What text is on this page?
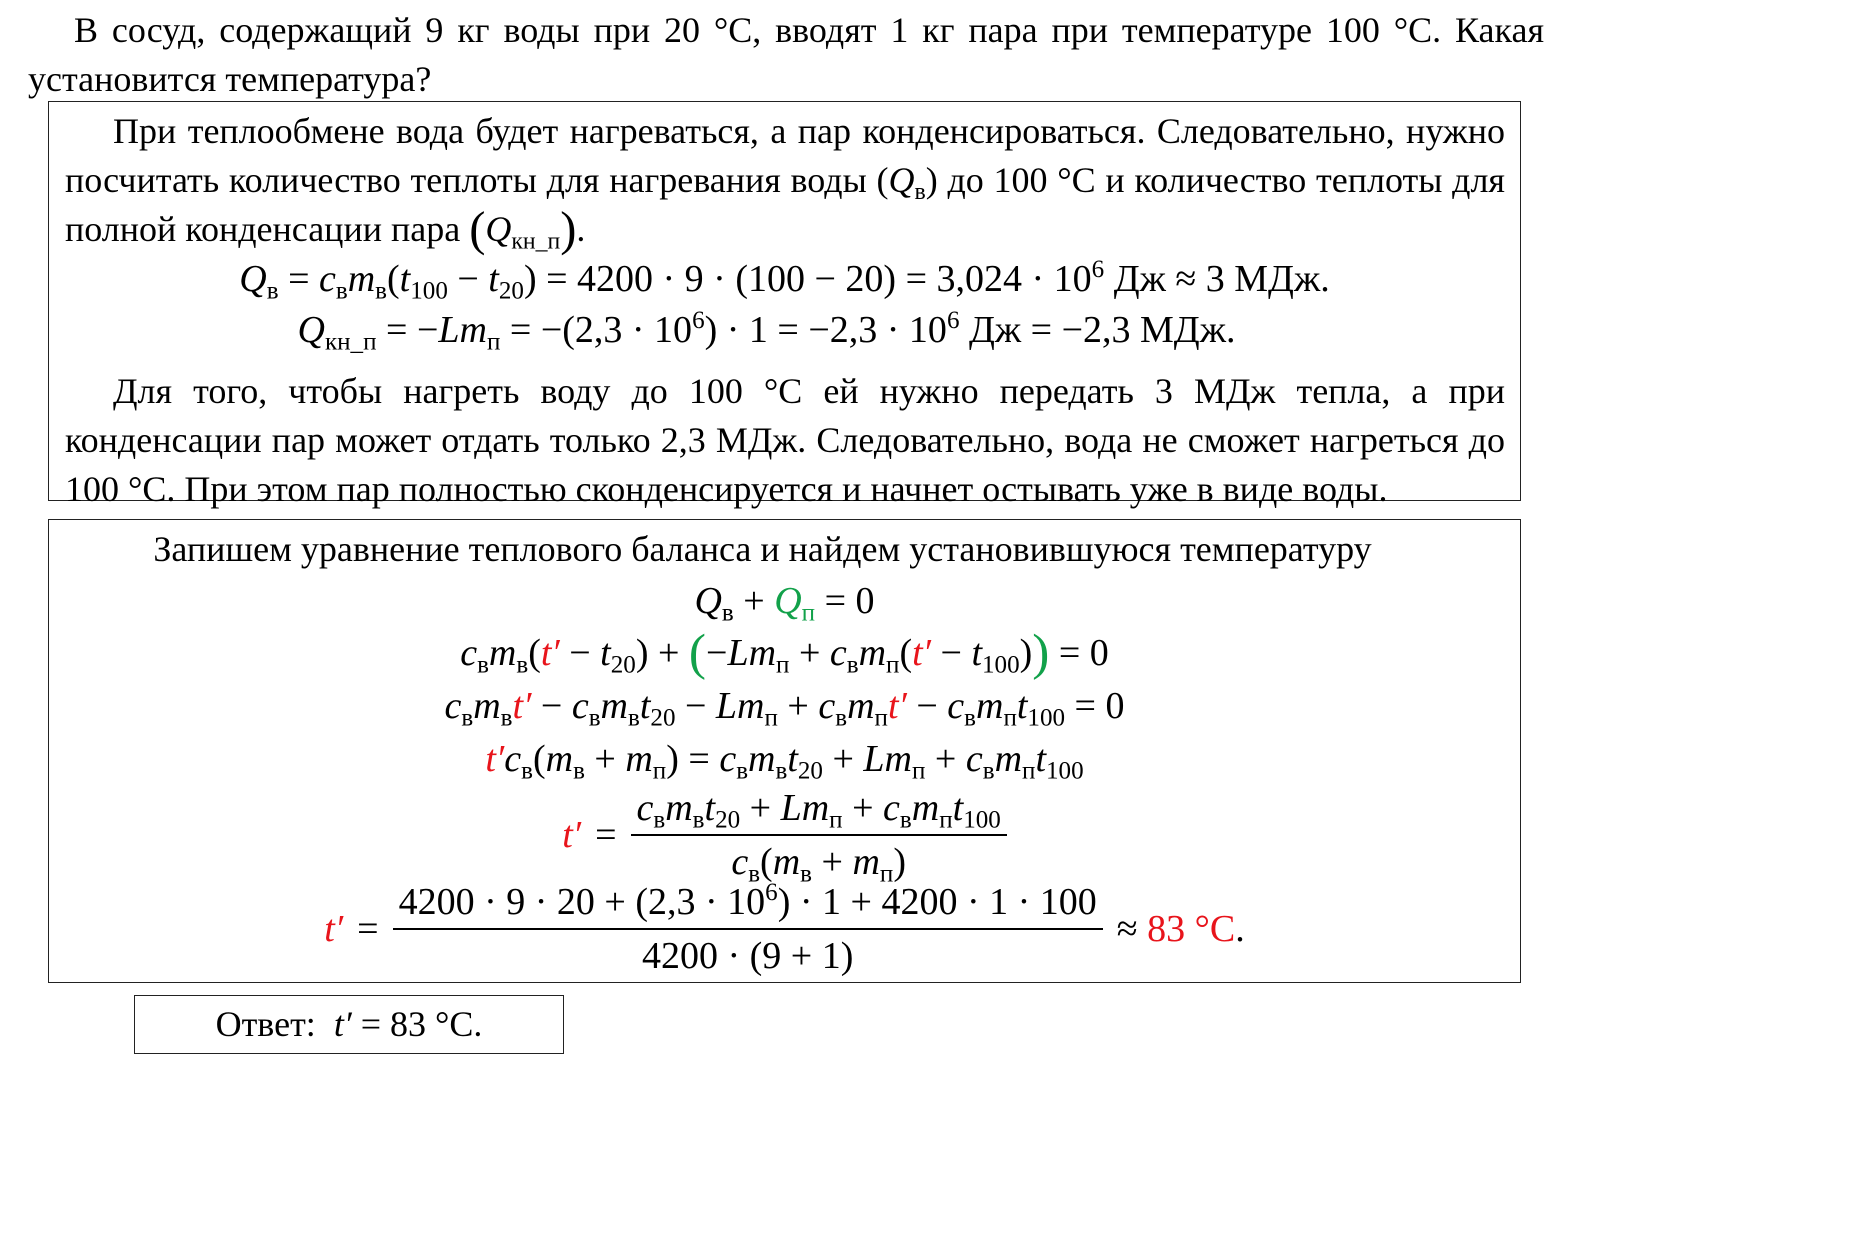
В сосуд, содержащий 9 кг воды при 20 °С, вводят 1 кг пара при температуре 100 °С. Какая установится температура?
При теплообмене вода будет нагреваться, а пар конденсироваться. Следовательно, нужно посчитать количество теплоты для нагревания воды $(Q_в)$ до 100 °С и количество теплоты для полной конденсации пара $(Q_{кн\_п})$.
$Q_в = c_вm_в(t_{100} - t_{20}) = 4200 \cdot 9 \cdot (100 - 20) = 3,024 \cdot 10^6$ Дж ≈ 3 МДж.
$Q_{кн\_п} = -Lm_п = -(2,3 \cdot 10^6) \cdot 1 = -2,3 \cdot 10^6$ Дж = −2,3 МДж.
Для того, чтобы нагреть воду до 100 °С ей нужно передать 3 МДж тепла, а при конденсации пар может отдать только 2,3 МДж. Следовательно, вода не сможет нагреться до 100 °С. При этом пар полностью сконденсируется и начнет остывать уже в виде воды.
Запишем уравнение теплового баланса и найдем установившуюся температуру
$Q_в + Q_п = 0$
$c_вm_в(t' - t_{20}) + (-Lm_п + c_вm_п(t' - t_{100})) = 0$
$c_вm_вt' - c_вm_вt_{20} - Lm_п + c_вm_пt' - c_вm_пt_{100} = 0$
$t'c_в(m_в + m_п) = c_вm_вt_{20} + Lm_п + c_вm_пt_{100}$
$t' = \frac{c_вm_вt_{20} + Lm_п + c_вm_пt_{100}}{c_в(m_в + m_п)}$
$t' = \frac{4200 \cdot 9 \cdot 20 + (2,3 \cdot 10^6) \cdot 1 + 4200 \cdot 1 \cdot 100}{4200 \cdot (9 + 1)} \approx 83$ °С.
Ответ: t′ = 83 °С.
